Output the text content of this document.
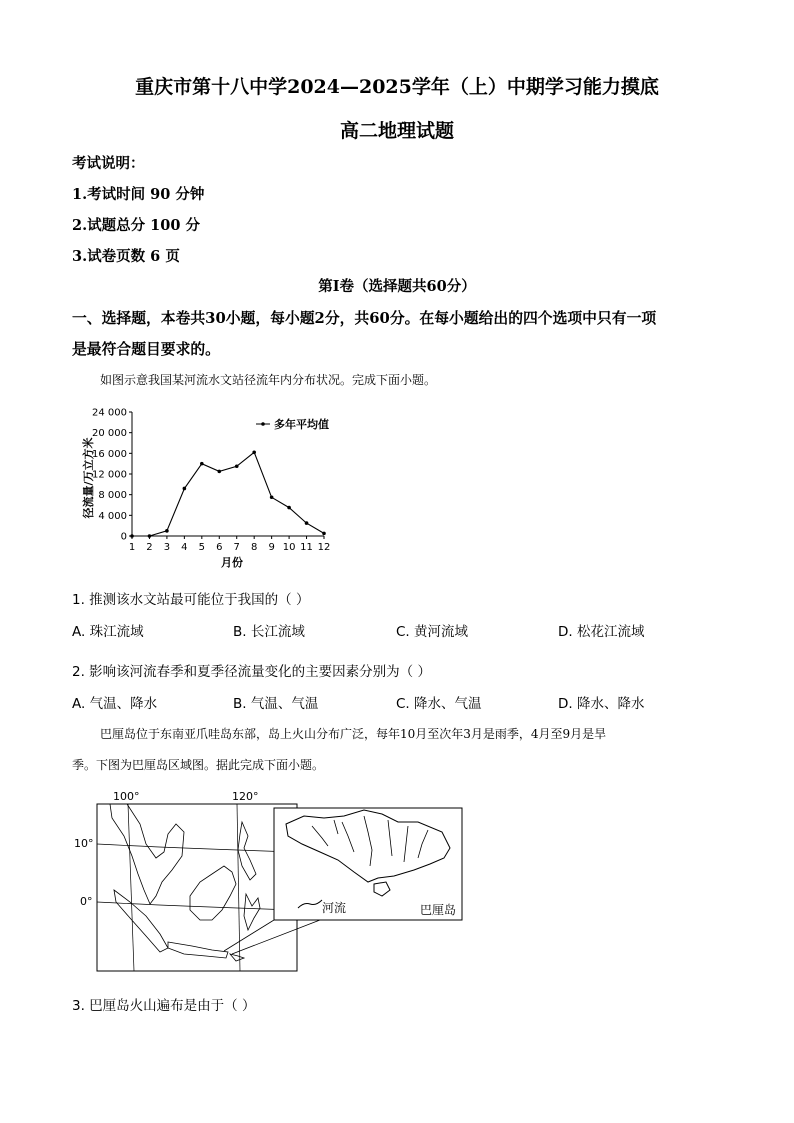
重庆市第十八中学2024—2025学年（上）中期学习能力摸底
高二地理试题
考试说明：
1.考试时间 90 分钟
2.试题总分 100 分
3.试卷页数 6 页
第Ⅰ卷（选择题共60分）
一、选择题，本卷共30小题，每小题2分，共60分。在每小题给出的四个选项中只有一项
是最符合题目要求的。
如图示意我国某河流水文站径流年内分布状况。完成下面小题。
0
4 000
8 000
12 000
16 000
20 000
24 000
1 2 3 4 5 6 7 8 9 10 11 12
径流量/万立方米
月份
多年平均值
1. 推测该水文站最可能位于我国的（ ）
A. 珠江流域	B. 长江流域	C. 黄河流域	D. 松花江流域
2. 影响该河流春季和夏季径流量变化的主要因素分别为（ ）
A. 气温、降水	B. 气温、气温	C. 降水、气温	D. 降水、降水
巴厘岛位于东南亚爪哇岛东部，岛上火山分布广泛，每年10月至次年3月是雨季，4月至9月是旱
季。下图为巴厘岛区域图。据此完成下面小题。
100°	120°
10°
0°	河流	巴厘岛
3. 巴厘岛火山遍布是由于（ ）
